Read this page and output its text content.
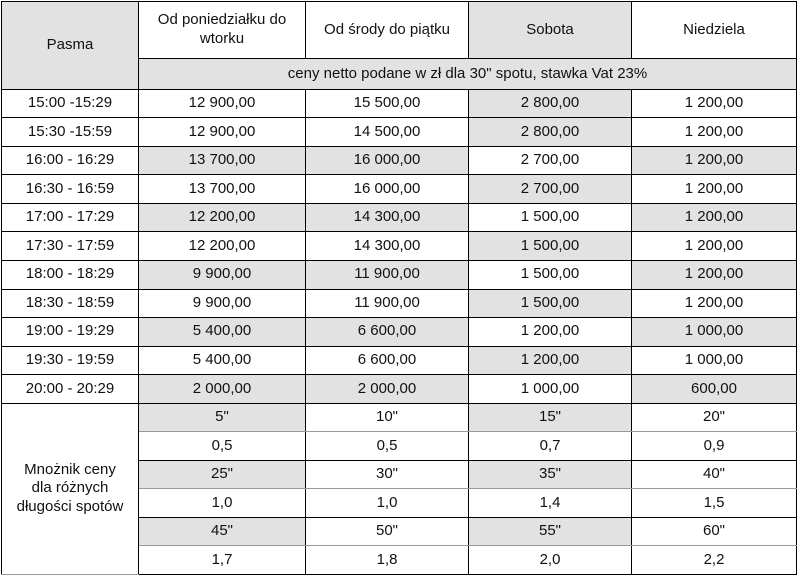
Pasma	Od poniedziałku do wtorku	Od środy do piątku	Sobota	Niedziela
	ceny netto podane w zł dla 30" spotu, stawka Vat 23%			
15:00 -15:29	12 900,00	15 500,00	2 800,00	1 200,00
15:30 -15:59	12 900,00	14 500,00	2 800,00	1 200,00
16:00 - 16:29	13 700,00	16 000,00	2 700,00	1 200,00
16:30 - 16:59	13 700,00	16 000,00	2 700,00	1 200,00
17:00 - 17:29	12 200,00	14 300,00	1 500,00	1 200,00
17:30 - 17:59	12 200,00	14 300,00	1 500,00	1 200,00
18:00 - 18:29	9 900,00	11 900,00	1 500,00	1 200,00
18:30 - 18:59	9 900,00	11 900,00	1 500,00	1 200,00
19:00 - 19:29	5 400,00	6 600,00	1 200,00	1 000,00
19:30 - 19:59	5 400,00	6 600,00	1 200,00	1 000,00
20:00 - 20:29	2 000,00	2 000,00	1 000,00	600,00
Mnożnik ceny dla różnych długości spotów	5"	10"	15"	20"
	0,5	0,5	0,7	0,9
	25"	30"	35"	40"
	1,0	1,0	1,4	1,5
	45"	50"	55"	60"
	1,7	1,8	2,0	2,2
